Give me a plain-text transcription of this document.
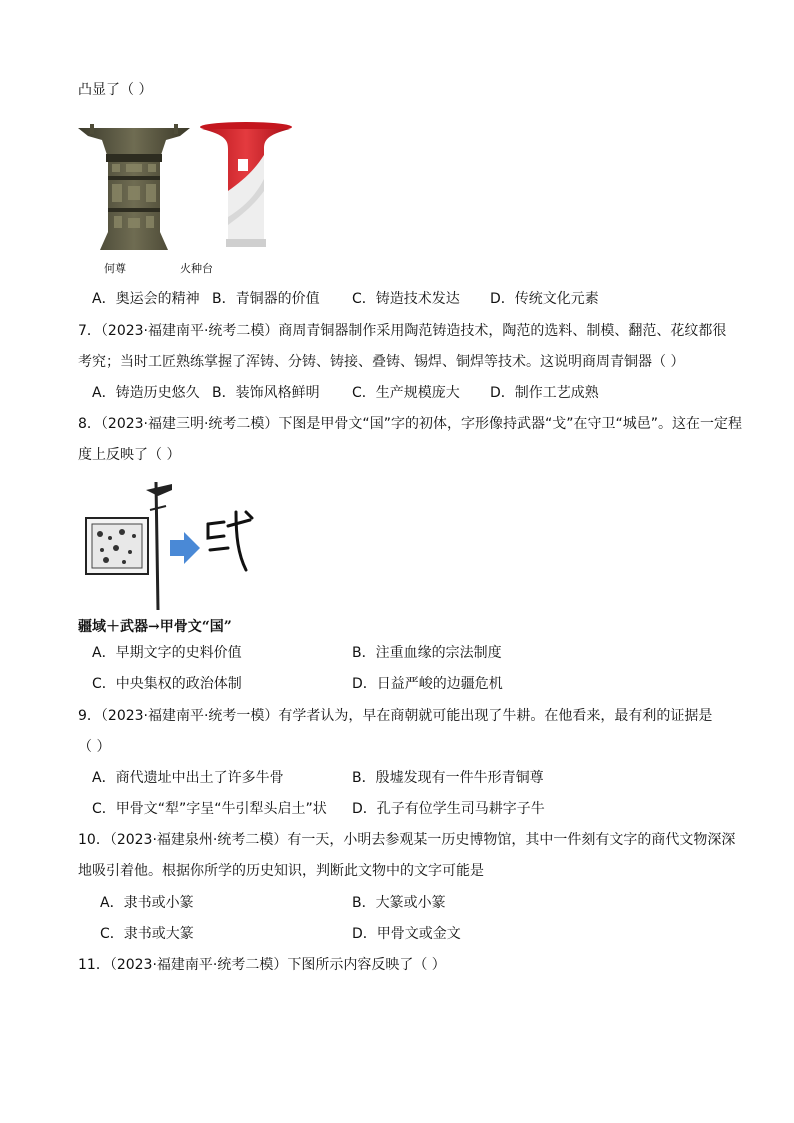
凸显了（ ）
何尊	火种台
A．奥运会的精神 B．青铜器的价值 C．铸造技术发达 D．传统文化元素
7．（2023·福建南平·统考二模）商周青铜器制作采用陶范铸造技术，陶范的选料、制模、翻范、花纹都很
考究；当时工匠熟练掌握了浑铸、分铸、铸接、叠铸、锡焊、铜焊等技术。这说明商周青铜器（ ）
A．铸造历史悠久 B．装饰风格鲜明 C．生产规模庞大 D．制作工艺成熟
8．（2023·福建三明·统考二模）下图是甲骨文“国”字的初体，字形像持武器“戈”在守卫“城邑”。这在一定程
度上反映了（ ）
疆域＋武器→甲骨文“国”
A．早期文字的史料价值	B．注重血缘的宗法制度
C．中央集权的政治体制	D．日益严峻的边疆危机
9．（2023·福建南平·统考一模）有学者认为，早在商朝就可能出现了牛耕。在他看来，最有利的证据是
（ ）
A．商代遗址中出土了许多牛骨	B．殷墟发现有一件牛形青铜尊
C．甲骨文“犁”字呈“牛引犁头启土”状 D．孔子有位学生司马耕字子牛
10．（2023·福建泉州·统考二模）有一天，小明去参观某一历史博物馆，其中一件刻有文字的商代文物深深
地吸引着他。根据你所学的历史知识，判断此文物中的文字可能是
A．隶书或小篆	B．大篆或小篆
C．隶书或大篆	D．甲骨文或金文
11．（2023·福建南平·统考二模）下图所示内容反映了（ ）
